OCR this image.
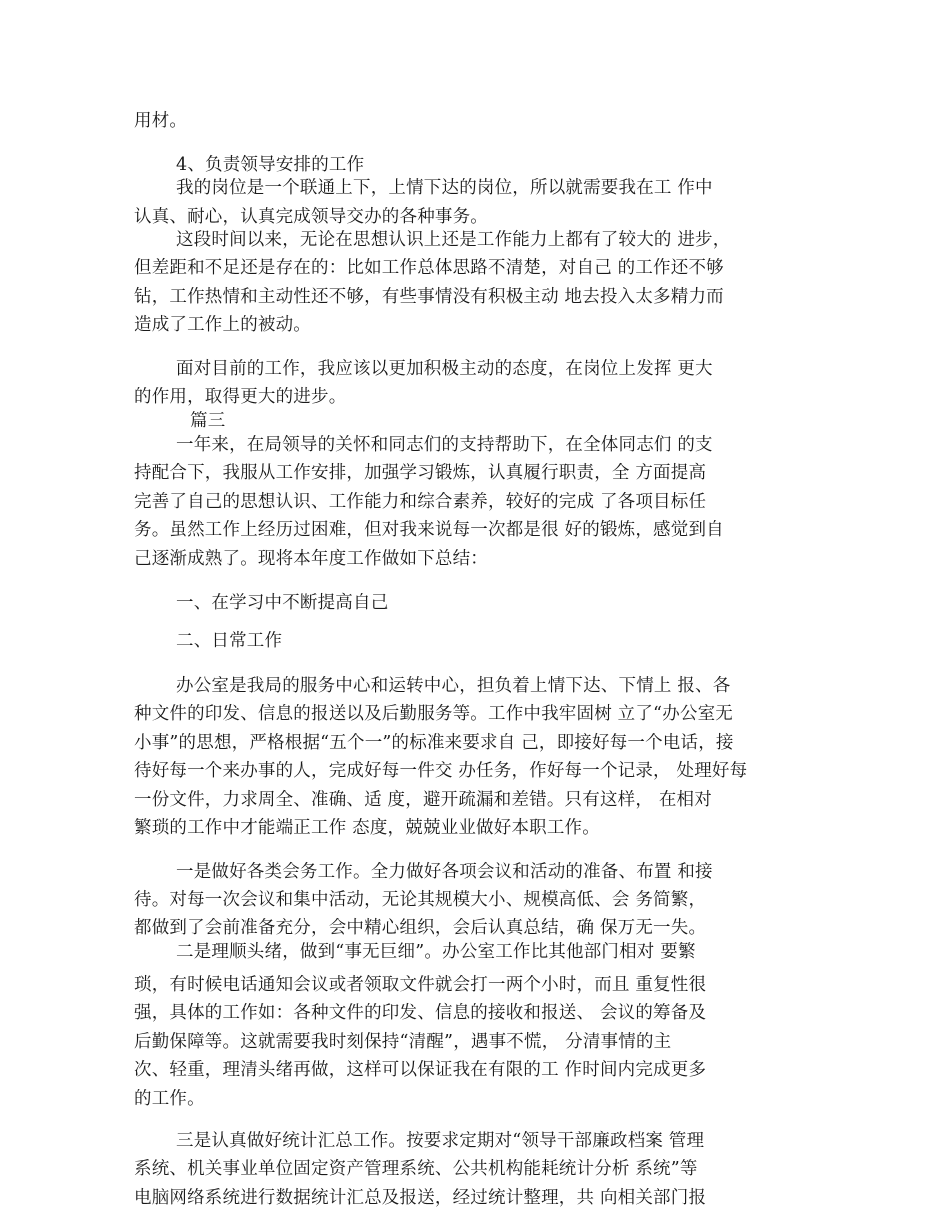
用材。
4、负责领导安排的工作
我的岗位是一个联通上下，上情下达的岗位，所以就需要我在工 作中
认真、耐心，认真完成领导交办的各种事务。
这段时间以来，无论在思想认识上还是工作能力上都有了较大的 进步，
但差距和不足还是存在的：比如工作总体思路不清楚，对自己 的工作还不够
钻，工作热情和主动性还不够，有些事情没有积极主动 地去投入太多精力而
造成了工作上的被动。
面对目前的工作，我应该以更加积极主动的态度，在岗位上发挥 更大
的作用，取得更大的进步。
篇三
一年来，在局领导的关怀和同志们的支持帮助下，在全体同志们 的支
持配合下，我服从工作安排，加强学习锻炼，认真履行职责，全 方面提高
完善了自己的思想认识、工作能力和综合素养，较好的完成 了各项目标任
务。虽然工作上经历过困难，但对我来说每一次都是很 好的锻炼，感觉到自
己逐渐成熟了。现将本年度工作做如下总结：
一、在学习中不断提高自己
二、日常工作
办公室是我局的服务中心和运转中心，担负着上情下达、下情上 报、各
种文件的印发、信息的报送以及后勤服务等。工作中我牢固树 立了“办公室无
小事”的思想，严格根据“五个一”的标准来要求自 己，即接好每一个电话，接
待好每一个来办事的人，完成好每一件交 办任务，作好每一个记录， 处理好每
一份文件，力求周全、准确、适 度，避开疏漏和差错。只有这样， 在相对
繁琐的工作中才能端正工作 态度，兢兢业业做好本职工作。
一是做好各类会务工作。全力做好各项会议和活动的准备、布置 和接
待。对每一次会议和集中活动，无论其规模大小、规模高低、会 务简繁，
都做到了会前准备充分，会中精心组织，会后认真总结，确 保万无一失。
二是理顺头绪，做到“事无巨细”。办公室工作比其他部门相对 要繁
琐，有时候电话通知会议或者领取文件就会打一两个小时，而且 重复性很
强，具体的工作如：各种文件的印发、信息的接收和报送、 会议的筹备及
后勤保障等。这就需要我时刻保持“清醒”，遇事不慌， 分清事情的主
次、轻重，理清头绪再做，这样可以保证我在有限的工 作时间内完成更多
的工作。
三是认真做好统计汇总工作。按要求定期对“领导干部廉政档案 管理
系统、机关事业单位固定资产管理系统、公共机构能耗统计分析 系统”等
电脑网络系统进行数据统计汇总及报送，经过统计整理，共 向相关部门报
